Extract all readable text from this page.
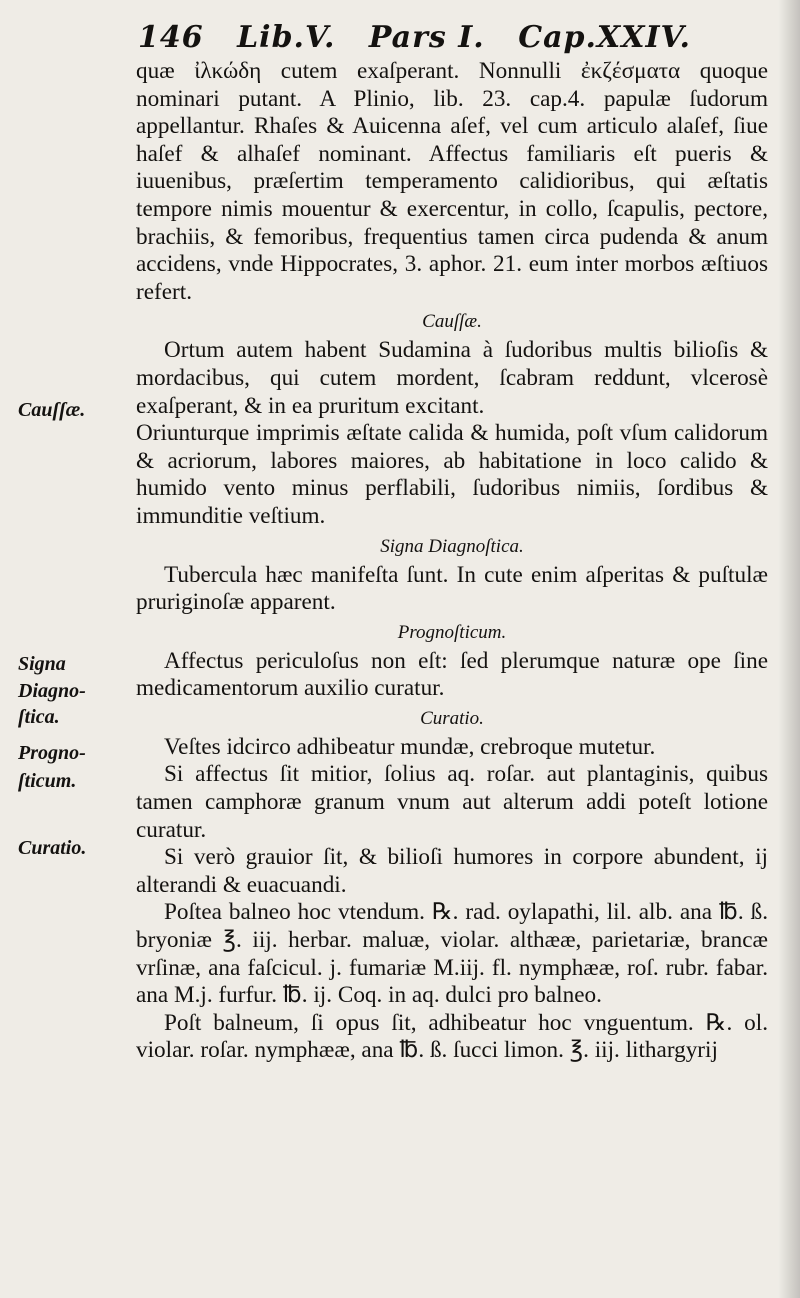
146 Lib.V. Pars I. Cap.XXIV.
Cauſſæ.
Signa
Diagno-
ſtica.
Progno-
ſticum.
Curatio.

quæ ἰλκώδη cutem exaſperant. Nonnulli ἐκζέσματα quoque nominari putant. A Plinio, lib. 23. cap.4. papulæ ſudorum appellantur. Rhaſes & Auicenna aſef, vel cum articulo alaſef, ſiue haſef & alhaſef nominant. Affectus familiaris eſt pueris & iuuenibus, præſertim temperamento calidioribus, qui æſtatis tempore nimis mouentur & exercentur, in collo, ſcapulis, pectore, brachiis, & femoribus, frequentius tamen circa pudenda & anum accidens, vnde Hippocrates, 3. aphor. 21. eum inter morbos æſtiuos refert.

Cauſſæ.

Ortum autem habent Sudamina à ſudoribus multis bilioſis & mordacibus, qui cutem mordent, ſcabram reddunt, vlcerosè exaſperant, & in ea pruritum excitant.

Oriunturque imprimis æſtate calida & humida, poſt vſum calidorum & acriorum, labores maiores, ab habitatione in loco calido & humido vento minus perflabili, ſudoribus nimiis, ſordibus & immunditie veſtium.

Signa Diagnoſtica.

Tubercula hæc manifeſta ſunt. In cute enim aſperitas & puſtulæ pruriginoſæ apparent.

Prognoſticum.

Affectus periculoſus non eſt: ſed plerumque naturæ ope ſine medicamentorum auxilio curatur.

Curatio.

Veſtes idcirco adhibeatur mundæ, crebroque mutetur.

Si affectus ſit mitior, ſolius aq. roſar. aut plantaginis, quibus tamen camphoræ granum vnum aut alterum addi poteſt lotione curatur.

Si verò grauior ſit, & bilioſi humores in corpore abundent, ij alterandi & euacuandi.

Poſtea balneo hoc vtendum. ℞. rad. oylapathi, lil. alb. ana ℔. ß. bryoniæ ℥. iij. herbar. maluæ, violar. althææ, parietariæ, brancæ vrſinæ, ana faſcicul. j. fumariæ M.iij. fl. nymphææ, roſ. rubr. fabar. ana M.j. furfur. ℔. ij. Coq. in aq. dulci pro balneo.

Poſt balneum, ſi opus ſit, adhibeatur hoc vnguentum. ℞. ol. violar. roſar. nymphææ, ana ℔. ß. ſucci limon. ℥. iij. lithargyrij
